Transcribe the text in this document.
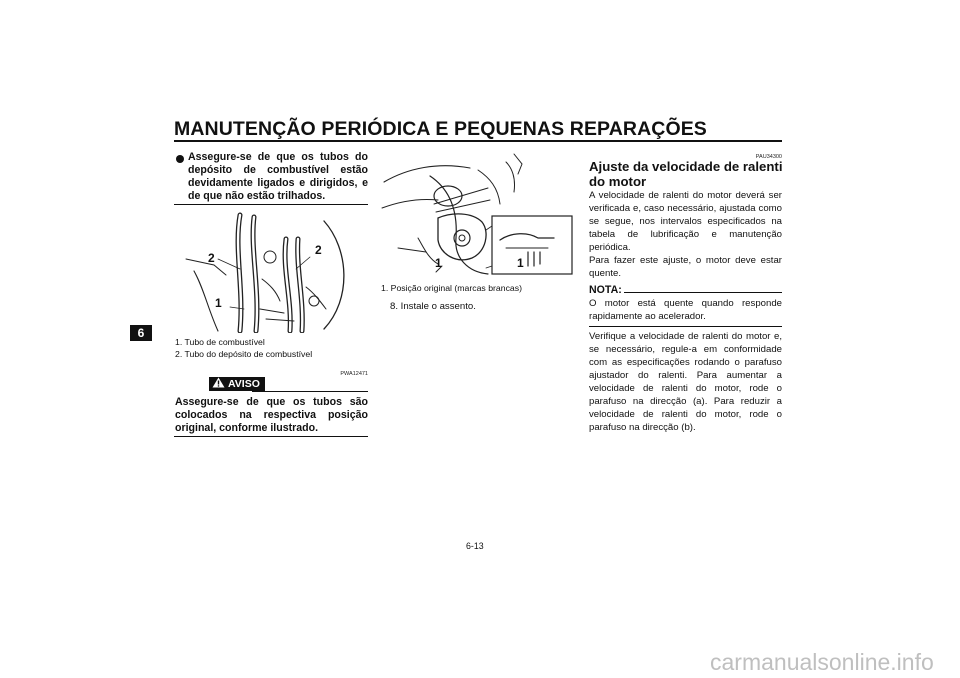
MANUTENÇÃO PERIÓDICA E PEQUENAS REPARAÇÕES
6
Assegure-se de que os tubos do depósito de combustível estão devidamente ligados e dirigidos, e de que não estão trilhados.
2
2
1
1. Tubo de combustível
2. Tubo do depósito de combustível
PWA12471
AVISO
Assegure-se de que os tubos são colocados na respectiva posição original, conforme ilustrado.
1	1
1. Posição original (marcas brancas)
8. Instale o assento.
PAU34300
Ajuste da velocidade de ralenti
do motor
A velocidade de ralenti do motor deverá ser verificada e, caso necessário, ajustada como se segue, nos intervalos especificados na tabela de lubrificação e manutenção periódica.
Para fazer este ajuste, o motor deve estar quente.
NOTA:
O motor está quente quando responde rapidamente ao acelerador.
Verifique a velocidade de ralenti do motor e, se necessário, regule-a em conformidade com as especificações rodando o parafuso ajustador do ralenti. Para aumentar a velocidade de ralenti do motor, rode o parafuso na direcção (a). Para reduzir a velocidade de ralenti do motor, rode o parafuso na direcção (b).
6-13
carmanualsonline.info
